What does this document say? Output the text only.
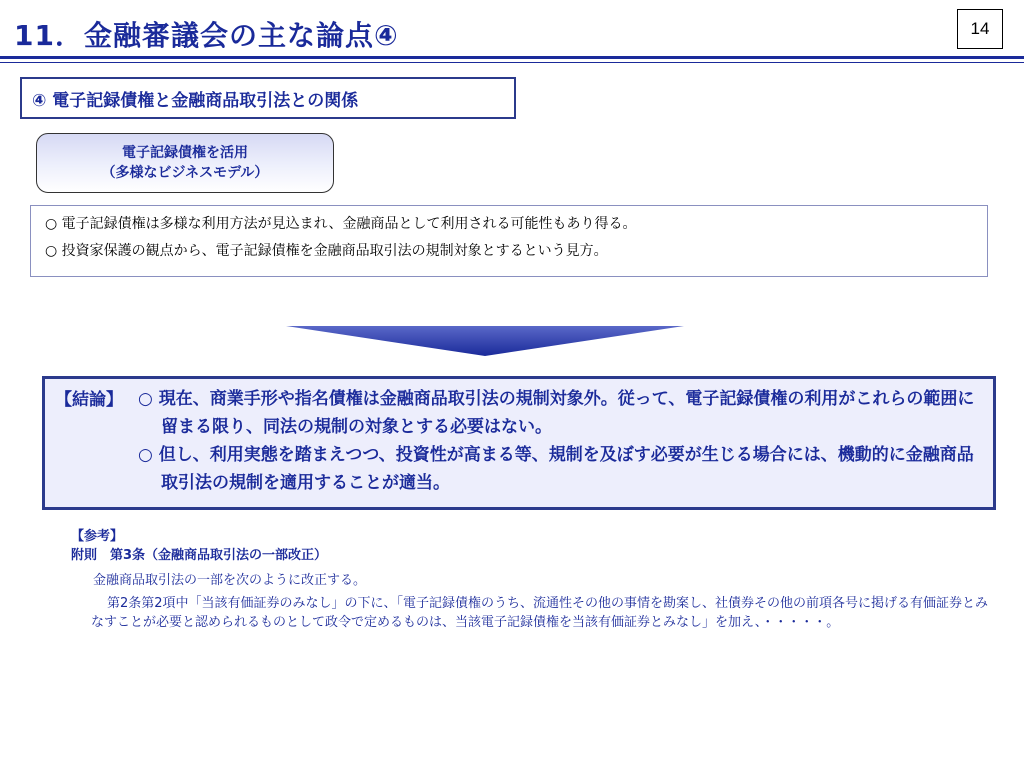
11．金融審議会の主な論点④	14
④ 電子記録債権と金融商品取引法との関係
電子記録債権を活用
（多様なビジネスモデル）
○ 電子記録債権は多様な利用方法が見込まれ、金融商品として利用される可能性もあり得る。
○ 投資家保護の観点から、電子記録債権を金融商品取引法の規制対象とするという見方。
【結論】 ○ 現在、商業手形や指名債権は金融商品取引法の規制対象外。従って、電子記録債権の利用がこれらの範囲に留まる限り、同法の規制の対象とする必要はない。
○ 但し、利用実態を踏まえつつ、投資性が高まる等、規制を及ぼす必要が生じる場合には、機動的に金融商品取引法の規制を適用することが適当。
【参考】
附則　第3条（金融商品取引法の一部改正）
金融商品取引法の一部を次のように改正する。
第2条第2項中「当該有価証券のみなし」の下に、「電子記録債権のうち、流通性その他の事情を勘案し、社債券その他の前項各号に掲げる有価証券とみなすことが必要と認められるものとして政令で定めるものは、当該電子記録債権を当該有価証券とみなし」を加え、・・・・・。
